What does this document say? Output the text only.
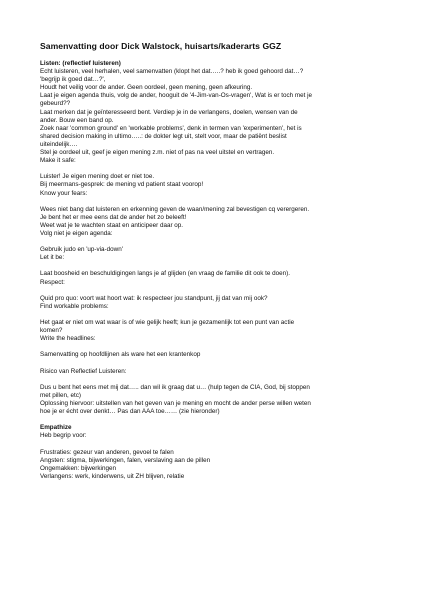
Samenvatting door Dick Walstock, huisarts/kaderarts GGZ

Listen: (reflectief luisteren)

Echt luisteren, veel herhalen, veel samenvatten (klopt het dat…..? heb ik goed gehoord dat…?

'begrijp ik goed dat…?',

Houdt het veilig voor de ander. Geen oordeel, geen mening, geen afkeuring.

Laat je eigen agenda thuis, volg de ander, hooguit de '4-Jim-van-Os-vragen', Wat is er toch met je

gebeurd??

Laat merken dat je geïnteresseerd bent. Verdiep je in de verlangens, doelen, wensen van de

ander. Bouw een band op.

Zoek naar 'common ground' en 'workable problems', denk in termen van 'experimenten', het is

shared decision making in ultimo…..: de dokter legt uit, stelt voor, maar de patiënt beslist

uiteindelijk….

Stel je oordeel uit, geef je eigen mening z.m. niet of pas na veel uitstel en vertragen.

Make it safe:

Luister! Je eigen mening doet er niet toe.

Bij meermans-gesprek: de mening vd patient staat voorop!

Know your fears:

Wees niet bang dat luisteren en erkenning geven de waan/mening zal bevestigen cq verergeren.

Je bent het er mee eens dat de ander het zo beleeft!

Weet wat je te wachten staat en anticipeer daar op.

Volg niet je eigen agenda:

Gebruik judo en 'up-via-down'

Let it be:

Laat boosheid en beschuldigingen langs je af glijden (en vraag de familie dit ook te doen).

Respect:

Quid pro quo: voort wat hoort wat: ik respecteer jou standpunt, jij dat van mij ook?

Find workable problems:

Het gaat er niet om wat waar is of wie gelijk heeft; kun je gezamenlijk tot een punt van actie

komen?

Write the headlines:

Samenvatting op hoofdlijnen als ware het een krantenkop

Risico van Reflectief Luisteren:

Dus u bent het eens met mij dat….. dan wil ik graag dat u… (hulp tegen de CIA, God, bij stoppen

met pillen, etc)

Oplossing hiervoor: uitstellen van het geven van je mening en mocht de ander perse willen weten

hoe je er écht over denkt… Pas dan AAA toe…… (zie hieronder)

Empathize

Heb begrip voor:

Frustraties: gezeur van anderen, gevoel te falen

Angsten: stigma, bijwerkingen, falen, verslaving aan de pillen

Ongemakken: bijwerkingen

Verlangens: werk, kinderwens, uit ZH blijven, relatie
